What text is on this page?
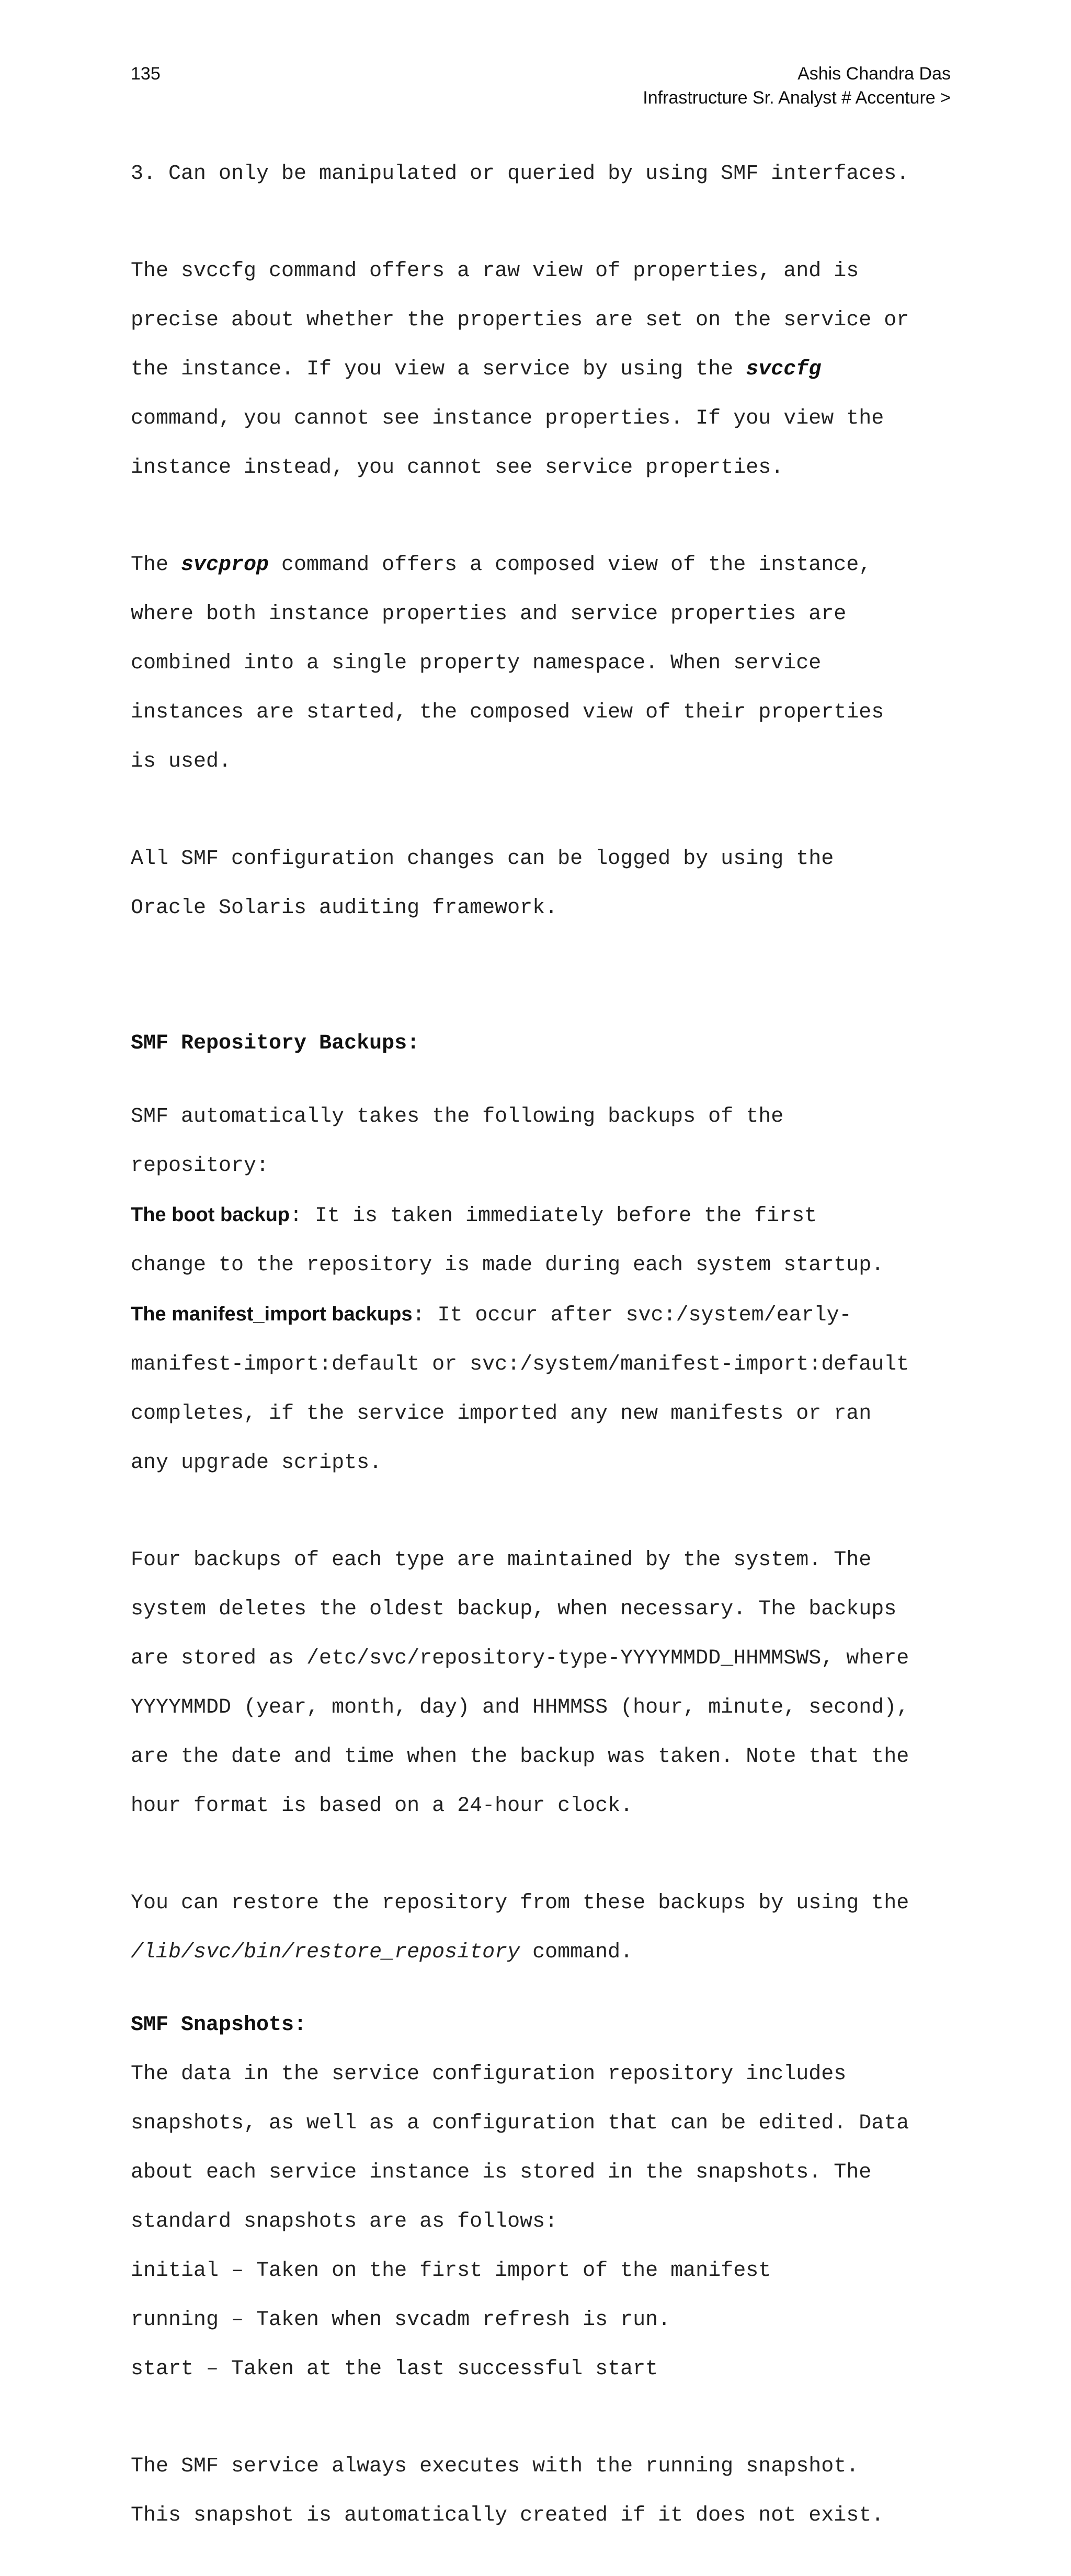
135	Ashis Chandra Das
Infrastructure Sr. Analyst # Accenture >

3. Can only be manipulated or queried by using SMF interfaces.

The svccfg command offers a raw view of properties, and is

precise about whether the properties are set on the service or

the instance. If you view a service by using the svccfg

command, you cannot see instance properties. If you view the

instance instead, you cannot see service properties.

The svcprop command offers a composed view of the instance,

where both instance properties and service properties are

combined into a single property namespace. When service

instances are started, the composed view of their properties

is used.

All SMF configuration changes can be logged by using the

Oracle Solaris auditing framework.

SMF Repository Backups:

SMF automatically takes the following backups of the

repository:

The boot backup: It is taken immediately before the first

change to the repository is made during each system startup.

The manifest_import backups: It occur after svc:/system/early-

manifest-import:default or svc:/system/manifest-import:default

completes, if the service imported any new manifests or ran

any upgrade scripts.

Four backups of each type are maintained by the system. The

system deletes the oldest backup, when necessary. The backups

are stored as /etc/svc/repository-type-YYYYMMDD_HHMMSWS, where

YYYYMMDD (year, month, day) and HHMMSS (hour, minute, second),

are the date and time when the backup was taken. Note that the

hour format is based on a 24-hour clock.

You can restore the repository from these backups by using the

/lib/svc/bin/restore_repository command.

SMF Snapshots:

The data in the service configuration repository includes

snapshots, as well as a configuration that can be edited. Data

about each service instance is stored in the snapshots. The

standard snapshots are as follows:

initial – Taken on the first import of the manifest

running – Taken when svcadm refresh is run.

start – Taken at the last successful start

The SMF service always executes with the running snapshot.

This snapshot is automatically created if it does not exist.
